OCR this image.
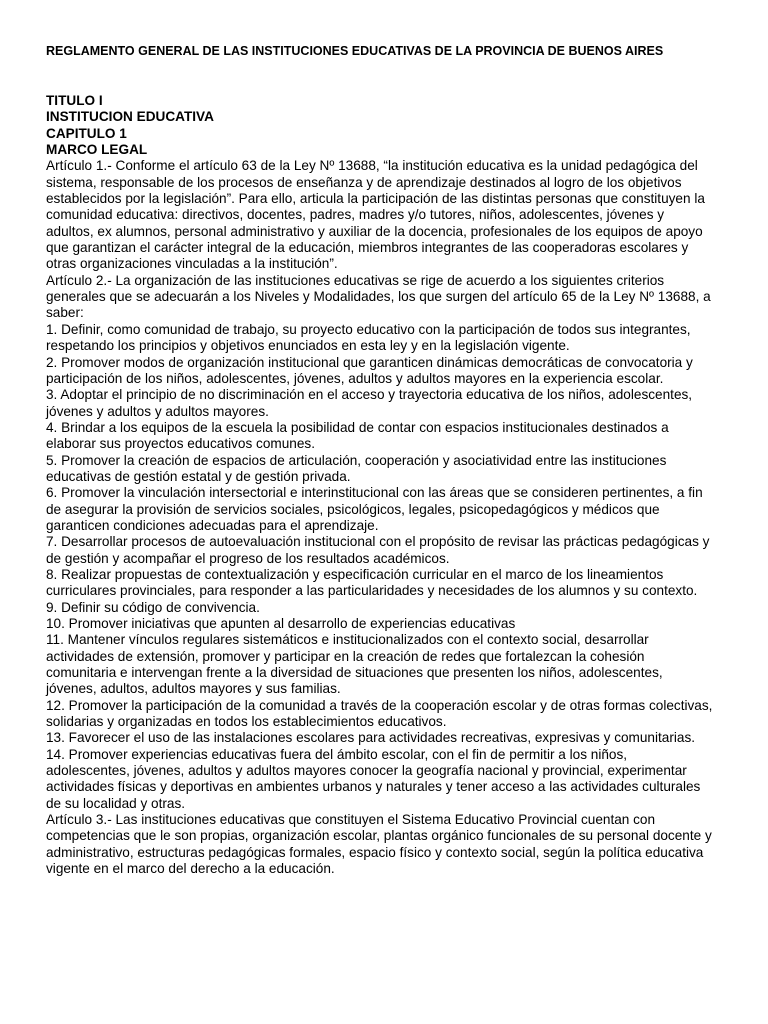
REGLAMENTO GENERAL DE LAS INSTITUCIONES EDUCATIVAS DE LA PROVINCIA DE BUENOS AIRES

TITULO I

INSTITUCION EDUCATIVA

CAPITULO 1

MARCO LEGAL

Artículo 1.- Conforme el artículo 63 de la Ley Nº 13688, “la institución educativa es la unidad pedagógica del

sistema, responsable de los procesos de enseñanza y de aprendizaje destinados al logro de los objetivos

establecidos por la legislación”. Para ello, articula la participación de las distintas personas que constituyen la

comunidad educativa: directivos, docentes, padres, madres y/o tutores, niños, adolescentes, jóvenes y

adultos, ex alumnos, personal administrativo y auxiliar de la docencia, profesionales de los equipos de apoyo

que garantizan el carácter integral de la educación, miembros integrantes de las cooperadoras escolares y

otras organizaciones vinculadas a la institución”.

Artículo 2.- La organización de las instituciones educativas se rige de acuerdo a los siguientes criterios

generales que se adecuarán a los Niveles y Modalidades, los que surgen del artículo 65 de la Ley Nº 13688, a

saber:

1. Definir, como comunidad de trabajo, su proyecto educativo con la participación de todos sus integrantes,

respetando los principios y objetivos enunciados en esta ley y en la legislación vigente.

2. Promover modos de organización institucional que garanticen dinámicas democráticas de convocatoria y

participación de los niños, adolescentes, jóvenes, adultos y adultos mayores en la experiencia escolar.

3. Adoptar el principio de no discriminación en el acceso y trayectoria educativa de los niños, adolescentes,

jóvenes y adultos y adultos mayores.

4. Brindar a los equipos de la escuela la posibilidad de contar con espacios institucionales destinados a

elaborar sus proyectos educativos comunes.

5. Promover la creación de espacios de articulación, cooperación y asociatividad entre las instituciones

educativas de gestión estatal y de gestión privada.

6. Promover la vinculación intersectorial e interinstitucional con las áreas que se consideren pertinentes, a fin

de asegurar la provisión de servicios sociales, psicológicos, legales, psicopedagógicos y médicos que

garanticen condiciones adecuadas para el aprendizaje.

7. Desarrollar procesos de autoevaluación institucional con el propósito de revisar las prácticas pedagógicas y

de gestión y acompañar el progreso de los resultados académicos.

8. Realizar propuestas de contextualización y especificación curricular en el marco de los lineamientos

curriculares provinciales, para responder a las particularidades y necesidades de los alumnos y su contexto.

9. Definir su código de convivencia.

10. Promover iniciativas que apunten al desarrollo de experiencias educativas

11. Mantener vínculos regulares sistemáticos e institucionalizados con el contexto social, desarrollar

actividades de extensión, promover y participar en la creación de redes que fortalezcan la cohesión

comunitaria e intervengan frente a la diversidad de situaciones que presenten los niños, adolescentes,

jóvenes, adultos, adultos mayores y sus familias.

12. Promover la participación de la comunidad a través de la cooperación escolar y de otras formas colectivas,

solidarias y organizadas en todos los establecimientos educativos.

13. Favorecer el uso de las instalaciones escolares para actividades recreativas, expresivas y comunitarias.

14. Promover experiencias educativas fuera del ámbito escolar, con el fin de permitir a los niños,

adolescentes, jóvenes, adultos y adultos mayores conocer la geografía nacional y provincial, experimentar

actividades físicas y deportivas en ambientes urbanos y naturales y tener acceso a las actividades culturales

de su localidad y otras.

Artículo 3.- Las instituciones educativas que constituyen el Sistema Educativo Provincial cuentan con

competencias que le son propias, organización escolar, plantas orgánico funcionales de su personal docente y

administrativo, estructuras pedagógicas formales, espacio físico y contexto social, según la política educativa

vigente en el marco del derecho a la educación.
